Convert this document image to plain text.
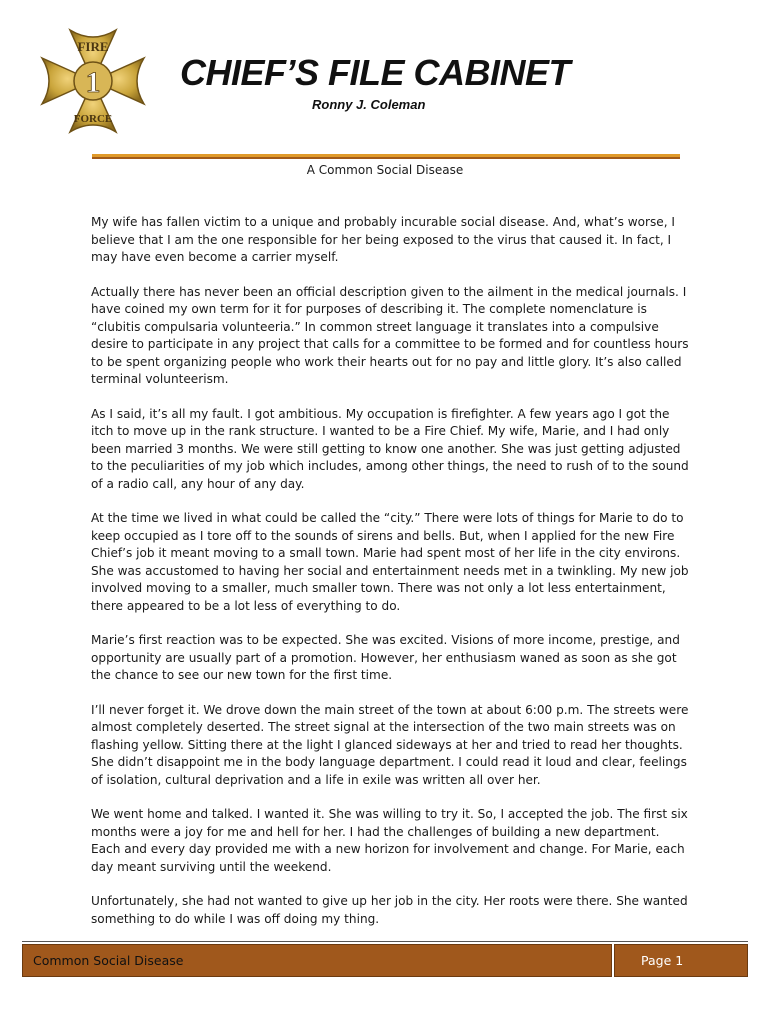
FIRE
1
FORCE
CHIEF’S FILE CABINET
Ronny J. Coleman
A Common Social Disease

My wife has fallen victim to a unique and probably incurable social disease. And, what’s worse, I believe that I am the one responsible for her being exposed to the virus that caused it. In fact, I may have even become a carrier myself.

Actually there has never been an official description given to the ailment in the medical journals. I have coined my own term for it for purposes of describing it. The complete nomenclature is “clubitis compulsaria volunteeria.” In common street language it translates into a compulsive desire to participate in any project that calls for a committee to be formed and for countless hours to be spent organizing people who work their hearts out for no pay and little glory. It’s also called terminal volunteerism.

As I said, it’s all my fault. I got ambitious. My occupation is firefighter. A few years ago I got the itch to move up in the rank structure. I wanted to be a Fire Chief. My wife, Marie, and I had only been married 3 months. We were still getting to know one another. She was just getting adjusted to the peculiarities of my job which includes, among other things, the need to rush of to the sound of a radio call, any hour of any day.

At the time we lived in what could be called the “city.” There were lots of things for Marie to do to keep occupied as I tore off to the sounds of sirens and bells. But, when I applied for the new Fire Chief’s job it meant moving to a small town. Marie had spent most of her life in the city environs. She was accustomed to having her social and entertainment needs met in a twinkling. My new job involved moving to a smaller, much smaller town. There was not only a lot less entertainment, there appeared to be a lot less of everything to do.

Marie’s first reaction was to be expected. She was excited. Visions of more income, prestige, and opportunity are usually part of a promotion. However, her enthusiasm waned as soon as she got the chance to see our new town for the first time.

I’ll never forget it. We drove down the main street of the town at about 6:00 p.m. The streets were almost completely deserted. The street signal at the intersection of the two main streets was on flashing yellow. Sitting there at the light I glanced sideways at her and tried to read her thoughts. She didn’t disappoint me in the body language department. I could read it loud and clear, feelings of isolation, cultural deprivation and a life in exile was written all over her.

We went home and talked. I wanted it. She was willing to try it. So, I accepted the job. The first six months were a joy for me and hell for her. I had the challenges of building a new department. Each and every day provided me with a new horizon for involvement and change. For Marie, each day meant surviving until the weekend.

Unfortunately, she had not wanted to give up her job in the city. Her roots were there. She wanted something to do while I was off doing my thing.

Common Social Disease	Page 1
